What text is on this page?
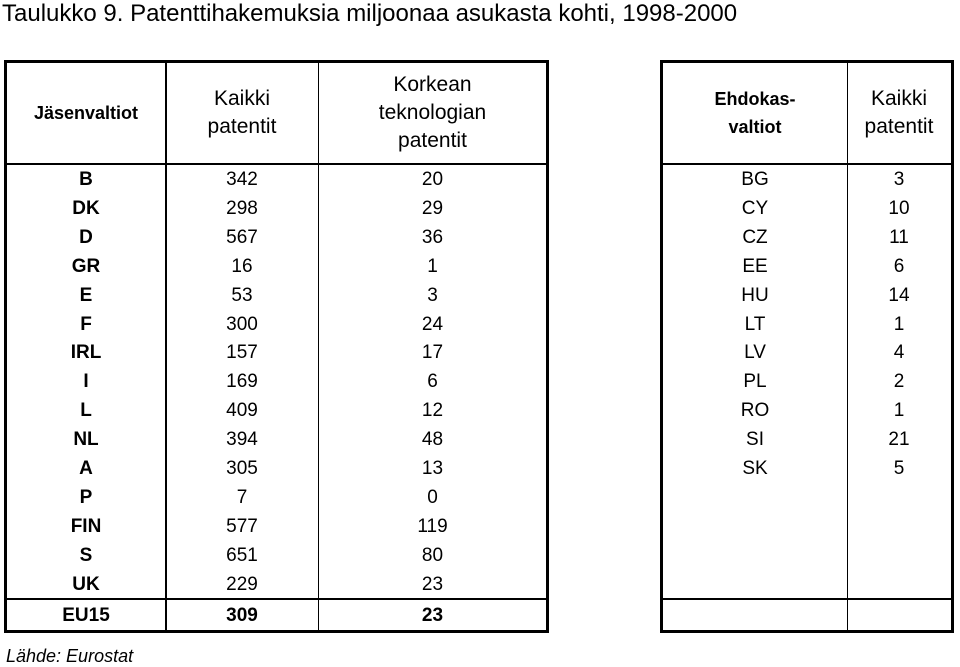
Taulukko 9. Patenttihakemuksia miljoonaa asukasta kohti, 1998-2000
Jäsenvaltiot
Kaikki
patentit
Korkean
teknologian
patentit
B	342	20
DK	298	29
D	567	36
GR	16	1
E	53	3
F	300	24
IRL	157	17
I	169	6
L	409	12
NL	394	48
A	305	13
P	7	0
FIN	577	119
S	651	80
UK	229	23
EU15	309	23
Ehdokas-
valtiot
Kaikki
patentit
BG	3
CY	10
CZ	11
EE	6
HU	14
LT	1
LV	4
PL	2
RO	1
SI	21
SK	5
Lähde: Eurostat
